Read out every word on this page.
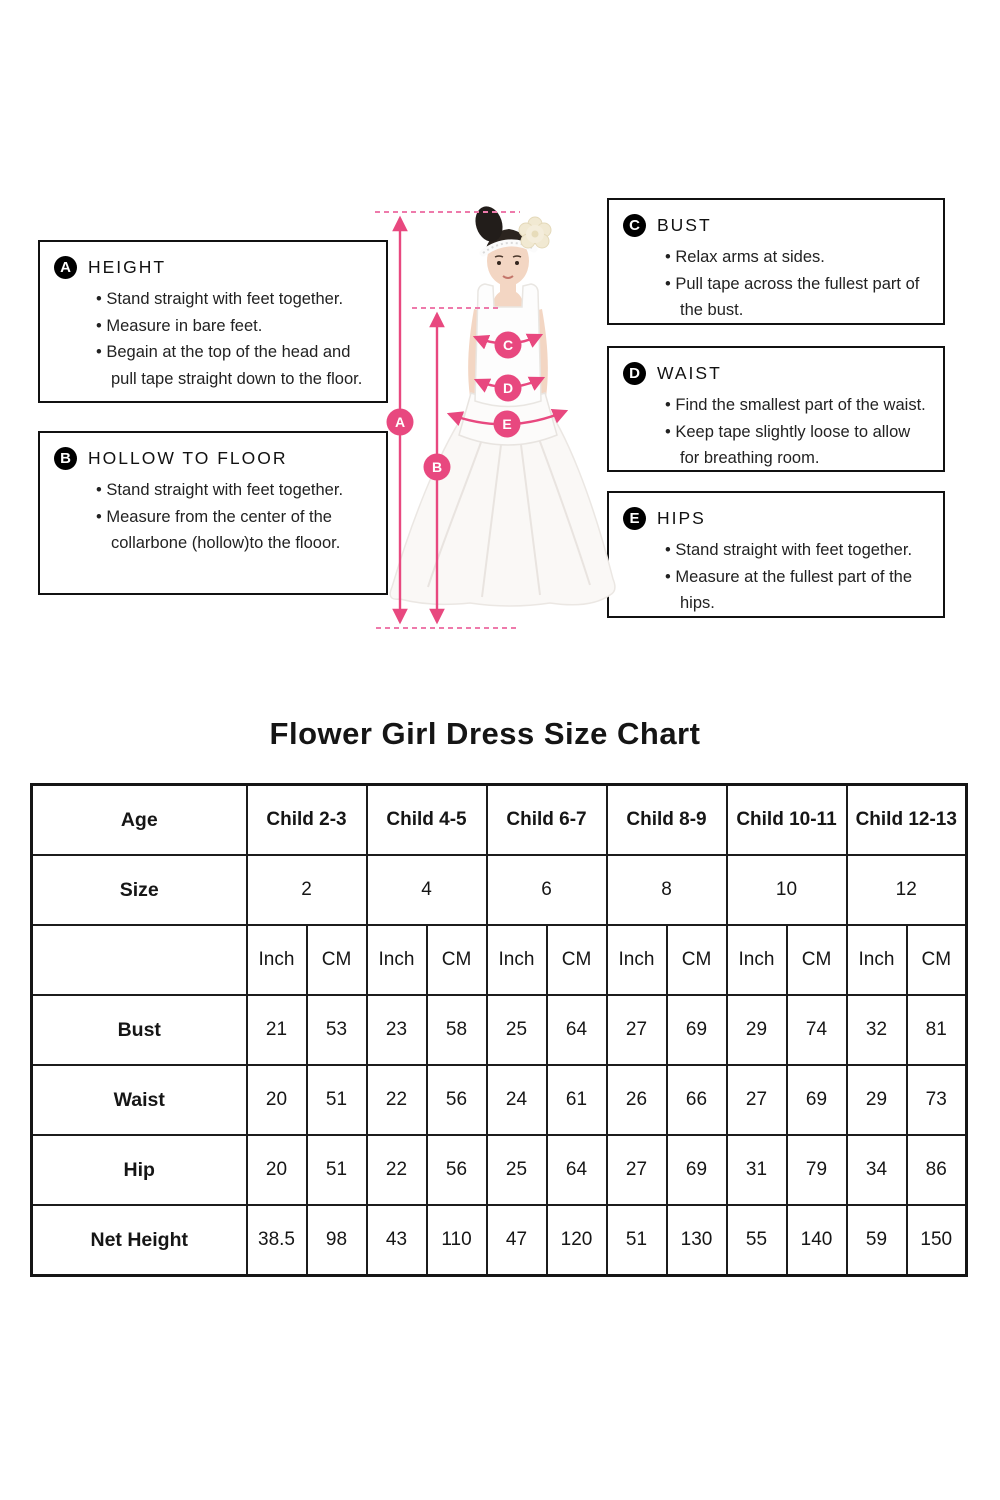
A HEIGHT
• Stand straight with feet together.
• Measure in bare feet.
• Begain at the top of the head and pull tape straight down to the floor.
B HOLLOW TO FLOOR
• Stand straight with feet together.
• Measure from the center of the collarbone (hollow)to the flooor.
C BUST
• Relax arms at sides.
• Pull tape across the fullest part of the bust.
D WAIST
• Find the smallest part of the waist.
• Keep tape slightly loose to allow for breathing room.
E	HIPS
• Stand straight with feet together.
• Measure at the fullest part of the hips.
A
B
C
D
E
Flower Girl Dress Size Chart
Age	Child 2-3		Child 4-5		Child 6-7		Child 8-9		Child 10-11		Child 12-13	
Size	2		4		6		8		10		12	
	Inch	CM	Inch	CM	Inch	CM	Inch	CM	Inch	CM	Inch	CM
Bust	21	53	23	58	25	64	27	69	29	74	32	81
Waist	20	51	22	56	24	61	26	66	27	69	29	73
Hip	20	51	22	56	25	64	27	69	31	79	34	86
Net Height	38.5	98	43	110	47	120	51	130	55	140	59	150
